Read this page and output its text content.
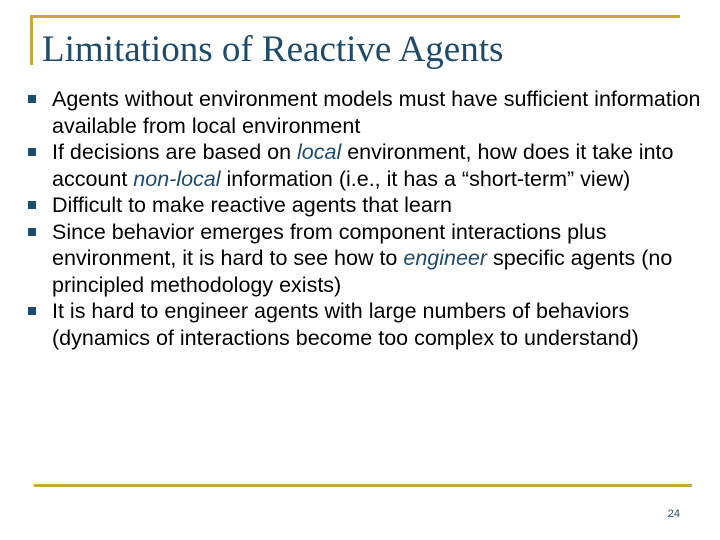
Limitations of Reactive Agents
Agents without environment models must have sufficient information available from local environment
If decisions are based on local environment, how does it take into account non-local information (i.e., it has a “short-term” view)
Difficult to make reactive agents that learn
Since behavior emerges from component interactions plus environment, it is hard to see how to engineer specific agents (no principled methodology exists)
It is hard to engineer agents with large numbers of behaviors (dynamics of interactions become too complex to understand)
24
